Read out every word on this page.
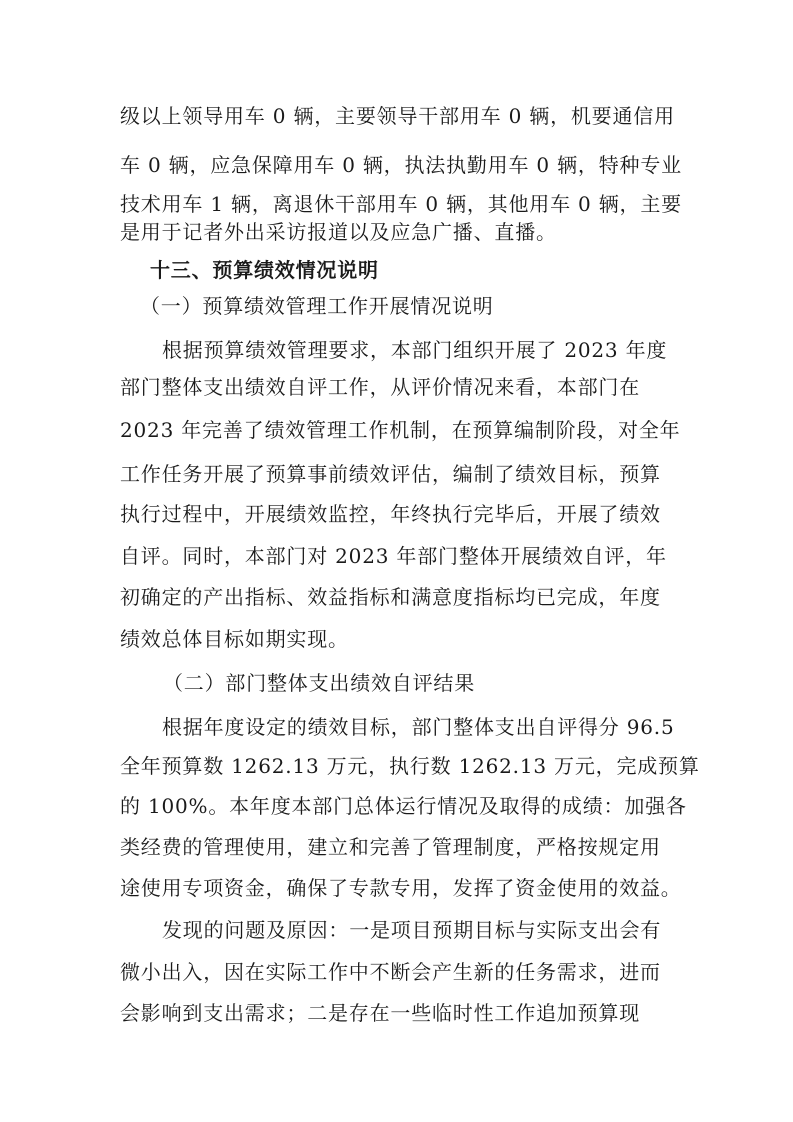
级以上领导用车 0 辆，主要领导干部用车 0 辆，机要通信用

车 0 辆，应急保障用车 0 辆，执法执勤用车 0 辆，特种专业

技术用车 1 辆，离退休干部用车 0 辆，其他用车 0 辆，主要

是用于记者外出采访报道以及应急广播、直播。

十三、预算绩效情况说明

（一）预算绩效管理工作开展情况说明

根据预算绩效管理要求，本部门组织开展了 2023 年度

部门整体支出绩效自评工作，从评价情况来看，本部门在

2023 年完善了绩效管理工作机制，在预算编制阶段，对全年

工作任务开展了预算事前绩效评估，编制了绩效目标，预算

执行过程中，开展绩效监控，年终执行完毕后，开展了绩效

自评。同时，本部门对 2023 年部门整体开展绩效自评，年

初确定的产出指标、效益指标和满意度指标均已完成，年度

绩效总体目标如期实现。

（二）部门整体支出绩效自评结果

根据年度设定的绩效目标，部门整体支出自评得分 96.5

全年预算数 1262.13 万元，执行数 1262.13 万元，完成预算

的 100%。本年度本部门总体运行情况及取得的成绩：加强各

类经费的管理使用，建立和完善了管理制度，严格按规定用

途使用专项资金，确保了专款专用，发挥了资金使用的效益。

发现的问题及原因：一是项目预期目标与实际支出会有

微小出入，因在实际工作中不断会产生新的任务需求，进而

会影响到支出需求；二是存在一些临时性工作追加预算现
